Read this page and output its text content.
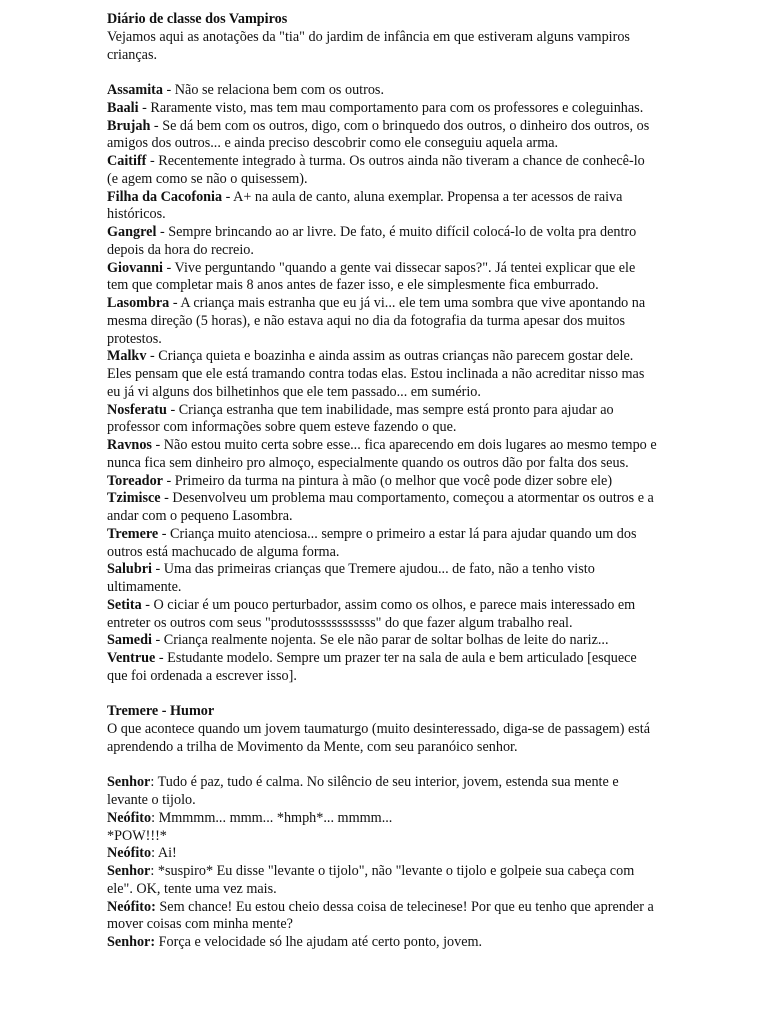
Diário de classe dos Vampiros

Vejamos aqui as anotações da "tia" do jardim de infância em que estiveram alguns vampiros crianças.

Assamita - Não se relaciona bem com os outros.

Baali - Raramente visto, mas tem mau comportamento para com os professores e coleguinhas.

Brujah - Se dá bem com os outros, digo, com o brinquedo dos outros, o dinheiro dos outros, os amigos dos outros... e ainda preciso descobrir como ele conseguiu aquela arma.

Caitiff - Recentemente integrado à turma. Os outros ainda não tiveram a chance de conhecê-lo (e agem como se não o quisessem).

Filha da Cacofonia - A+ na aula de canto, aluna exemplar. Propensa a ter acessos de raiva históricos.

Gangrel - Sempre brincando ao ar livre. De fato, é muito difícil colocá-lo de volta pra dentro depois da hora do recreio.

Giovanni - Vive perguntando "quando a gente vai dissecar sapos?". Já tentei explicar que ele tem que completar mais 8 anos antes de fazer isso, e ele simplesmente fica emburrado.

Lasombra - A criança mais estranha que eu já vi... ele tem uma sombra que vive apontando na mesma direção (5 horas), e não estava aqui no dia da fotografia da turma apesar dos muitos protestos.

Malkv - Criança quieta e boazinha e ainda assim as outras crianças não parecem gostar dele. Eles pensam que ele está tramando contra todas elas. Estou inclinada a não acreditar nisso mas eu já vi alguns dos bilhetinhos que ele tem passado... em sumério.

Nosferatu - Criança estranha que tem inabilidade, mas sempre está pronto para ajudar ao professor com informações sobre quem esteve fazendo o que.

Ravnos - Não estou muito certa sobre esse... fica aparecendo em dois lugares ao mesmo tempo e nunca fica sem dinheiro pro almoço, especialmente quando os outros dão por falta dos seus.

Toreador - Primeiro da turma na pintura à mão (o melhor que você pode dizer sobre ele)

Tzimisce - Desenvolveu um problema mau comportamento, começou a atormentar os outros e a andar com o pequeno Lasombra.

Tremere - Criança muito atenciosa... sempre o primeiro a estar lá para ajudar quando um dos outros está machucado de alguma forma.

Salubri - Uma das primeiras crianças que Tremere ajudou... de fato, não a tenho visto ultimamente.

Setita - O ciciar é um pouco perturbador, assim como os olhos, e parece mais interessado em entreter os outros com seus "produtosssssssssss" do que fazer algum trabalho real.

Samedi - Criança realmente nojenta. Se ele não parar de soltar bolhas de leite do nariz...

Ventrue - Estudante modelo. Sempre um prazer ter na sala de aula e bem articulado [esquece que foi ordenada a escrever isso].

Tremere - Humor

O que acontece quando um jovem taumaturgo (muito desinteressado, diga-se de passagem) está aprendendo a trilha de Movimento da Mente, com seu paranóico senhor.

Senhor: Tudo é paz, tudo é calma. No silêncio de seu interior, jovem, estenda sua mente e levante o tijolo.

Neófito: Mmmmm... mmm... *hmph*... mmmm...

*POW!!!*

Neófito: Ai!

Senhor: *suspiro* Eu disse "levante o tijolo", não "levante o tijolo e golpeie sua cabeça com ele". OK, tente uma vez mais.

Neófito: Sem chance! Eu estou cheio dessa coisa de telecinese! Por que eu tenho que aprender a mover coisas com minha mente?

Senhor: Força e velocidade só lhe ajudam até certo ponto, jovem.
